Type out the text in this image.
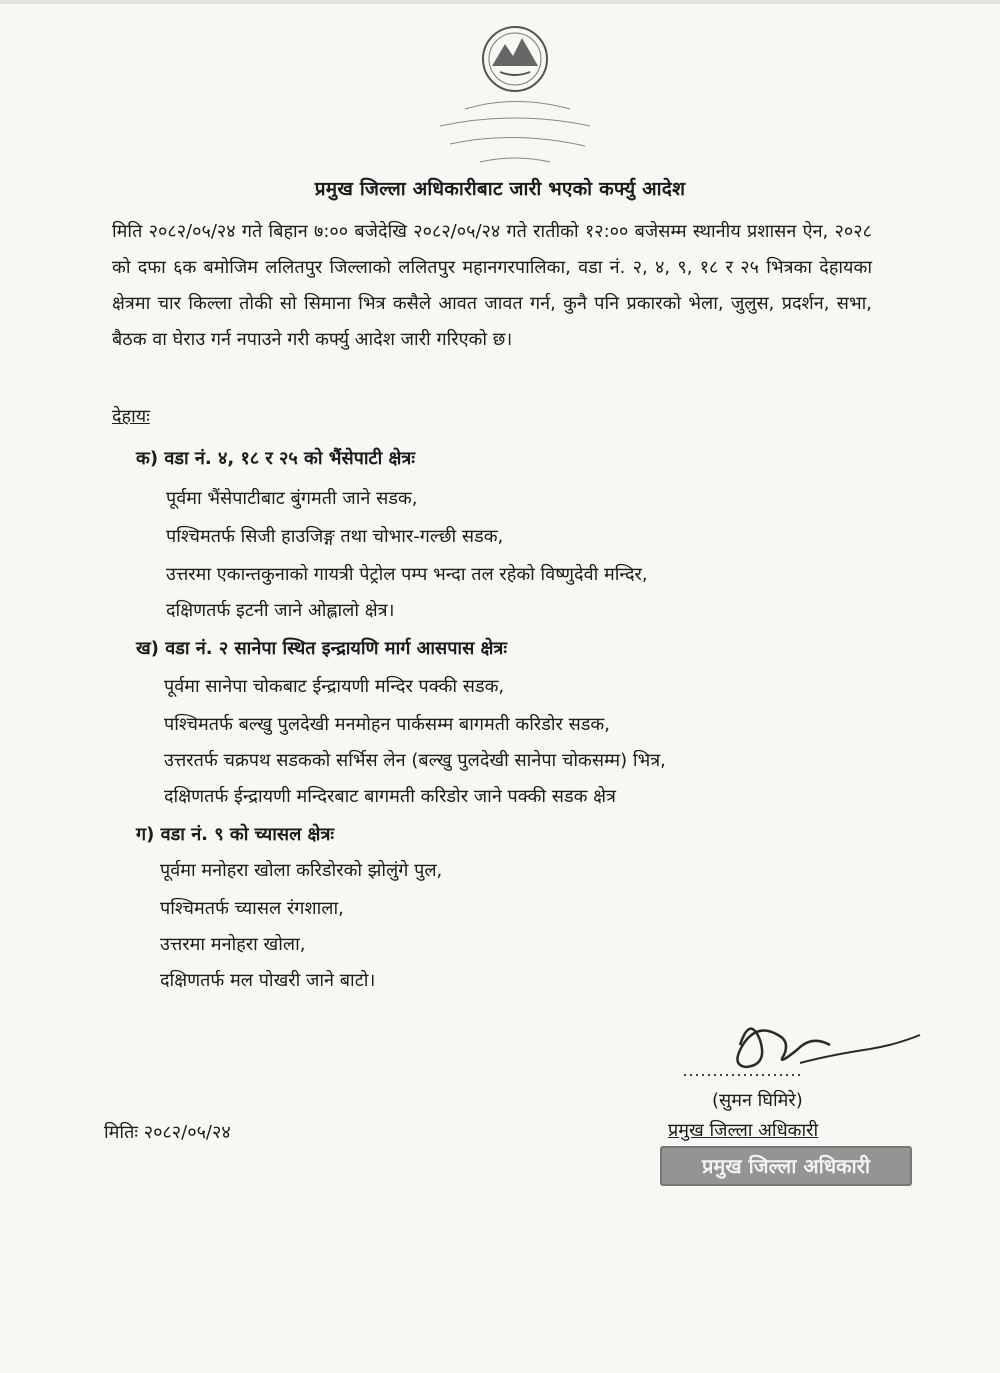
प्रमुख जिल्ला अधिकारीबाट जारी भएको कर्फ्यु आदेश

मिति २०८२/०५/२४ गते बिहान ७:०० बजेदेखि २०८२/०५/२४ गते रातीको १२:०० बजेसम्म स्थानीय प्रशासन ऐन, २०२८ को दफा ६क बमोजिम ललितपुर जिल्लाको ललितपुर महानगरपालिका, वडा नं. २, ४, ९, १८ र २५ भित्रका देहायका क्षेत्रमा चार किल्ला तोकी सो सिमाना भित्र कसैले आवत जावत गर्न, कुनै पनि प्रकारको भेला, जुलुस, प्रदर्शन, सभा, बैठक वा घेराउ गर्न नपाउने गरी कर्फ्यु आदेश जारी गरिएको छ।

देहायः
क) वडा नं. ४, १८ र २५ को भैंसेपाटी क्षेत्रः
पूर्वमा भैंसेपाटीबाट बुंगमती जाने सडक,
पश्चिमतर्फ सिजी हाउजिङ्ग तथा चोभार-गल्छी सडक,
उत्तरमा एकान्तकुनाको गायत्री पेट्रोल पम्प भन्दा तल रहेको विष्णुदेवी मन्दिर,
दक्षिणतर्फ इटनी जाने ओह्लालो क्षेत्र।
ख) वडा नं. २ सानेपा स्थित इन्द्रायणि मार्ग आसपास क्षेत्रः
पूर्वमा सानेपा चोकबाट ईन्द्रायणी मन्दिर पक्की सडक,
पश्चिमतर्फ बल्खु पुलदेखी मनमोहन पार्कसम्म बागमती करिडोर सडक,
उत्तरतर्फ चक्रपथ सडकको सर्भिस लेन (बल्खु पुलदेखी सानेपा चोकसम्म) भित्र,
दक्षिणतर्फ ईन्द्रायणी मन्दिरबाट बागमती करिडोर जाने पक्की सडक क्षेत्र
ग) वडा नं. ९ को च्यासल क्षेत्रः
पूर्वमा मनोहरा खोला करिडोरको झोलुंगे पुल,
पश्चिमतर्फ च्यासल रंगशाला,
उत्तरमा मनोहरा खोला,
दक्षिणतर्फ मल पोखरी जाने बाटो।
(सुमन घिमिरे)
प्रमुख जिल्ला अधिकारी
मितिः २०८२/०५/२४
प्रमुख जिल्ला अधिकारी
